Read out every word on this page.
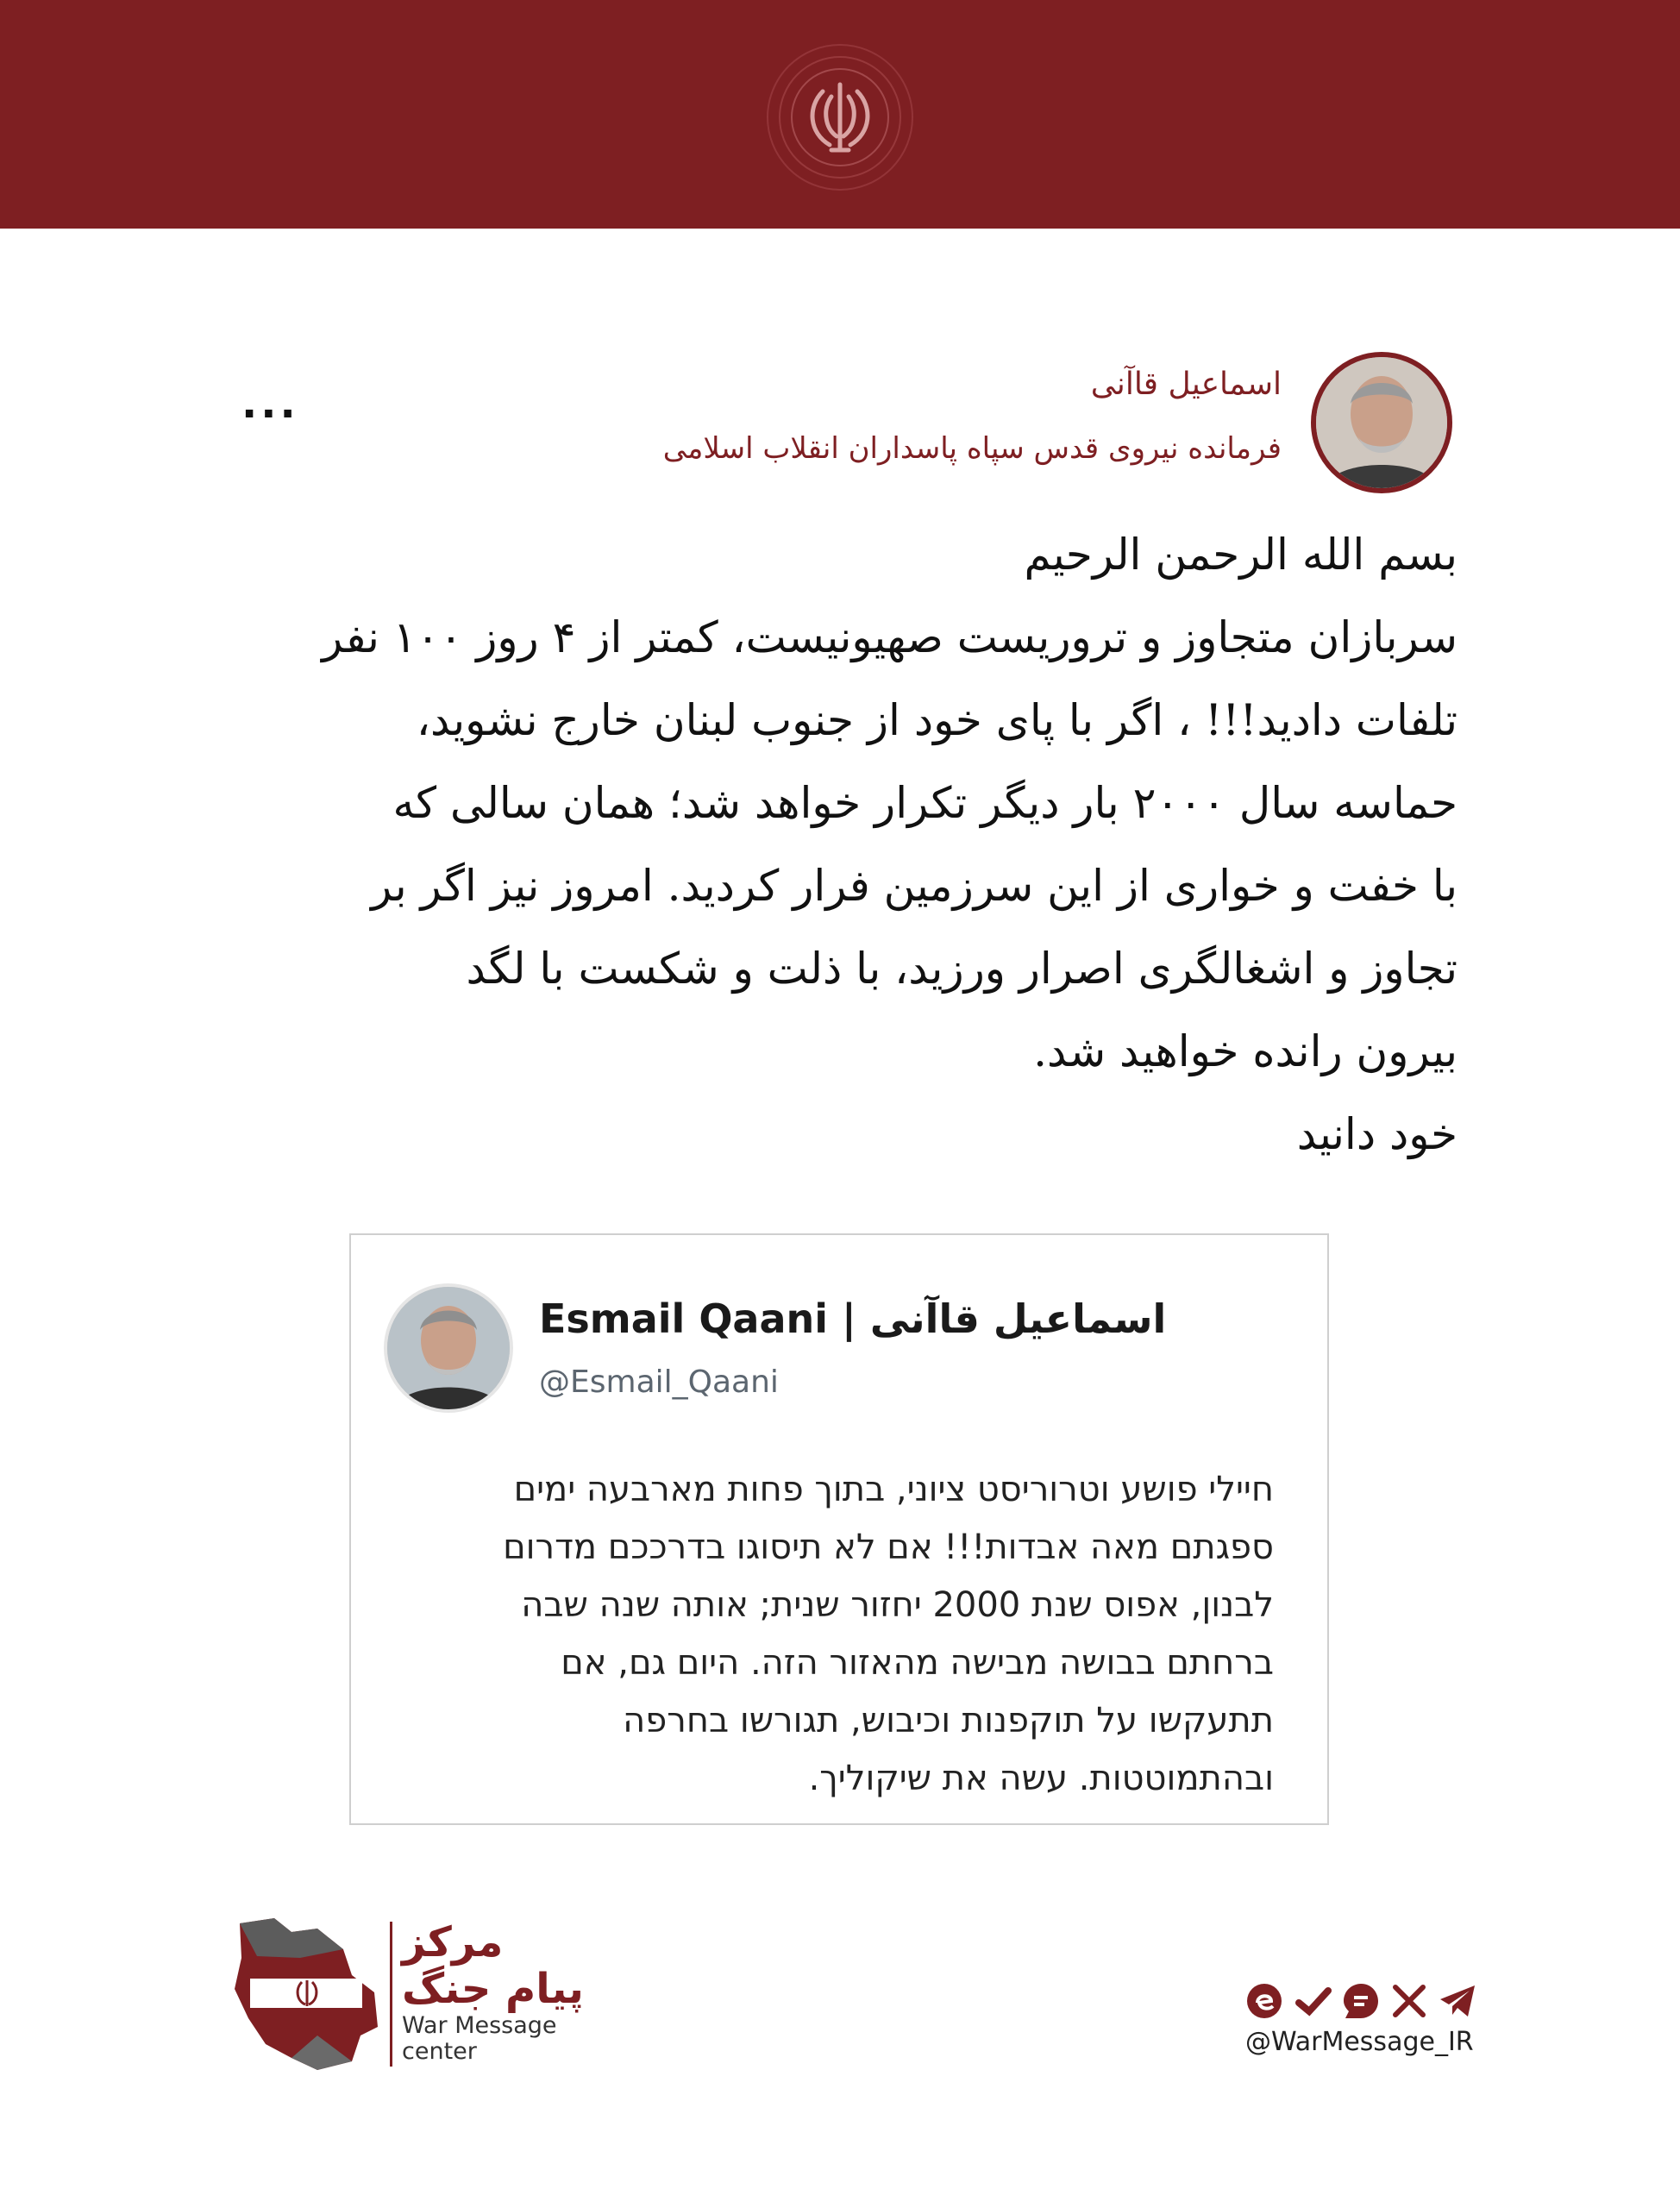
اسماعیل قاآنی
فرمانده نیروی قدس سپاه پاسداران انقلاب اسلامی
...
بسم الله الرحمن الرحیم
سربازان متجاوز و تروریست صهیونیست، کمتر از ۴ روز ۱۰۰ نفر
تلفات دادید!!! ، اگر با پای خود از جنوب لبنان خارج نشوید،
حماسه سال ۲۰۰۰ بار دیگر تکرار خواهد شد؛ همان سالی که
با خفت و خواری از این سرزمین فرار کردید. امروز نیز اگر بر
تجاوز و اشغالگری اصرار ورزید، با ذلت و شکست با لگد
بیرون رانده خواهید شد.
خود دانید
Esmail Qaani | اسماعیل قاآنی
@Esmail_Qaani
חיילי פושע וטרוריסט ציוני, בתוך פחות מארבעה ימים
ספגתם מאה אבדות!!! אם לא תיסוגו בדרככם מדרום
לבנון, אפוס שנת 2000 יחזור שנית; אותה שנה שבה
ברחתם בבושה מבישה מהאזור הזה. היום גם, אם
תתעקשו על תוקפנות וכיבוש, תגורשו בחרפה
ובהתמוטטות. עשה את שיקוליך.
مرکز
پیام جنگ
War Message
center	@WarMessage_IR
